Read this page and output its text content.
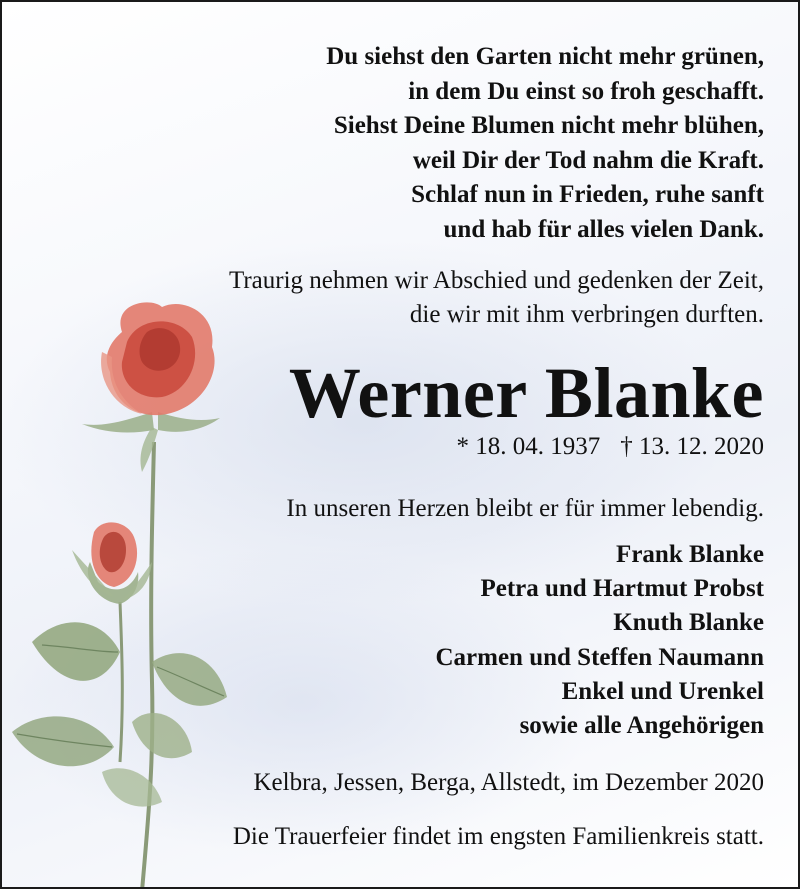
Du siehst den Garten nicht mehr grünen,
in dem Du einst so froh geschafft.
Siehst Deine Blumen nicht mehr blühen,
weil Dir der Tod nahm die Kraft.
Schlaf nun in Frieden, ruhe sanft
und hab für alles vielen Dank.
Traurig nehmen wir Abschied und gedenken der Zeit,
die wir mit ihm verbringen durften.
Werner Blanke
* 18. 04. 1937 † 13. 12. 2020
In unseren Herzen bleibt er für immer lebendig.
Frank Blanke
Petra und Hartmut Probst
Knuth Blanke
Carmen und Steffen Naumann
Enkel und Urenkel
sowie alle Angehörigen
Kelbra, Jessen, Berga, Allstedt, im Dezember 2020
Die Trauerfeier findet im engsten Familienkreis statt.
